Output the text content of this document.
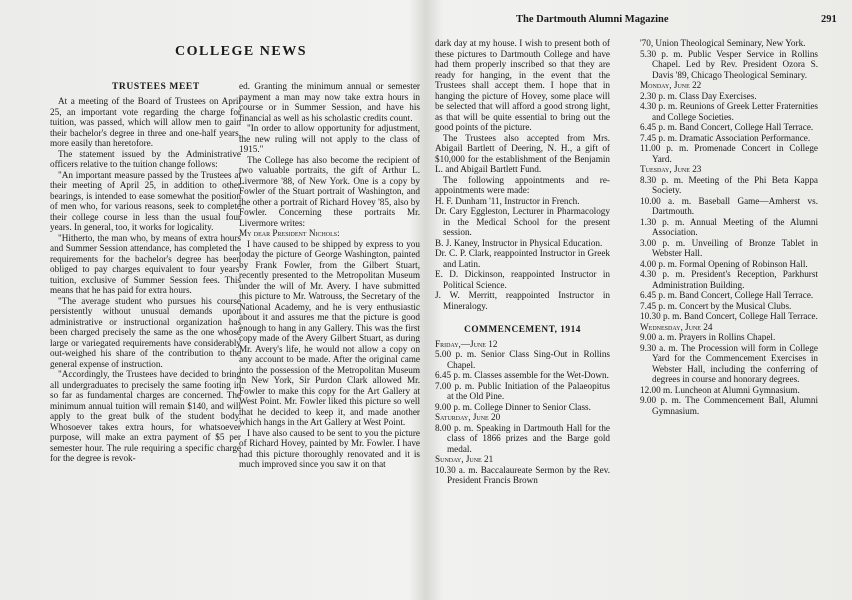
The Dartmouth Alumni Magazine	291
COLLEGE NEWS
TRUSTEES MEET

At a meeting of the Board of Trustees on April 25, an important vote regarding the charge for tuition, was passed, which will allow men to gain their bachelor's degree in three and one-half years, more easily than heretofore.

The statement issued by the Administrative officers relative to the tuition change follows:

"An important measure passed by the Trustees at their meeting of April 25, in addition to other bearings, is intended to ease somewhat the position of men who, for various reasons, seek to complete their college course in less than the usual four years. In general, too, it works for logicality.

"Hitherto, the man who, by means of extra hours and Summer Session attendance, has completed the requirements for the bachelor's degree has been obliged to pay charges equivalent to four years' tuition, exclusive of Summer Session fees. This means that he has paid for extra hours.

"The average student who pursues his course persistently without unusual demands upon administrative or instructional organization has been charged precisely the same as the one whose large or variegated requirements have considerably out-weighed his share of the contribution to the general expense of instruction.

"Accordingly, the Trustees have decided to bring all undergraduates to precisely the same footing in so far as fundamental charges are concerned. The minimum annual tuition will remain $140, and will apply to the great bulk of the student body. Whosoever takes extra hours, for whatsoever purpose, will make an extra payment of $5 per semester hour. The rule requiring a specific charge for the degree is revok-

ed. Granting the minimum annual or semester payment a man may now take extra hours in course or in Summer Session, and have his financial as well as his scholastic credits count.

"In order to allow opportunity for adjustment, the new ruling will not apply to the class of 1915."

The College has also become the recipient of two valuable portraits, the gift of Arthur L. Livermore '88, of New York. One is a copy by Fowler of the Stuart portrait of Washington, and the other a portrait of Richard Hovey '85, also by Fowler. Concerning these portraits Mr. Livermore writes:

My dear President Nichols:

I have caused to be shipped by express to you today the picture of George Washington, painted by Frank Fowler, from the Gilbert Stuart, recently presented to the Metropolitan Museum under the will of Mr. Avery. I have submitted this picture to Mr. Watrouss, the Secretary of the National Academy, and he is very enthusiastic about it and assures me that the picture is good enough to hang in any Gallery. This was the first copy made of the Avery Gilbert Stuart, as during Mr. Avery's life, he would not allow a copy on any account to be made. After the original came into the possession of the Metropolitan Museum in New York, Sir Purdon Clark allowed Mr. Fowler to make this copy for the Art Gallery at West Point. Mr. Fowler liked this picture so well that he decided to keep it, and made another which hangs in the Art Gallery at West Point.

I have also caused to be sent to you the picture of Richard Hovey, painted by Mr. Fowler. I have had this picture thoroughly renovated and it is much improved since you saw it on that

dark day at my house. I wish to present both of these pictures to Dartmouth College and have had them properly inscribed so that they are ready for hanging, in the event that the Trustees shall accept them. I hope that in hanging the picture of Hovey, some place will be selected that will afford a good strong light, as that will be quite essential to bring out the good points of the picture.

The Trustees also accepted from Mrs. Abigail Bartlett of Deering, N. H., a gift of $10,000 for the establishment of the Benjamin L. and Abigail Bartlett Fund.

The following appointments and re-appointments were made:

H. F. Dunham '11, Instructor in French.

Dr. Cary Eggleston, Lecturer in Pharmacology in the Medical School for the present session.

B. J. Kaney, Instructor in Physical Education.

Dr. C. P. Clark, reappointed Instructor in Greek and Latin.

E. D. Dickinson, reappointed Instructor in Political Science.

J. W. Merritt, reappointed Instructor in Mineralogy.

COMMENCEMENT, 1914

Friday,—June 12

5.00 p. m. Senior Class Sing-Out in Rollins Chapel.

6.45 p. m. Classes assemble for the Wet-Down.

7.00 p. m. Public Initiation of the Palaeopitus at the Old Pine.

9.00 p. m. College Dinner to Senior Class.

Saturday, June 20

8.00 p. m. Speaking in Dartmouth Hall for the class of 1866 prizes and the Barge gold medal.

Sunday, June 21

10.30 a. m. Baccalaureate Sermon by the Rev. President Francis Brown

'70, Union Theological Seminary, New York.

5.30 p. m. Public Vesper Service in Rollins Chapel. Led by Rev. President Ozora S. Davis '89, Chicago Theological Seminary.

Monday, June 22

2.30 p. m. Class Day Exercises.

4.30 p. m. Reunions of Greek Letter Fraternities and College Societies.

6.45 p. m. Band Concert, College Hall Terrace.

7.45 p. m. Dramatic Association Performance.

11.00 p. m. Promenade Concert in College Yard.

Tuesday, June 23

8.30 p. m. Meeting of the Phi Beta Kappa Society.

10.00 a. m. Baseball Game—Amherst vs. Dartmouth.

1.30 p. m. Annual Meeting of the Alumni Association.

3.00 p. m. Unveiling of Bronze Tablet in Webster Hall.

4.00 p. m. Formal Opening of Robinson Hall.

4.30 p. m. President's Reception, Parkhurst Administration Building.

6.45 p. m. Band Concert, College Hall Terrace.

7.45 p. m. Concert by the Musical Clubs.

10.30 p. m. Band Concert, College Hall Terrace.

Wednesday, June 24

9.00 a. m. Prayers in Rollins Chapel.

9.30 a. m. The Procession will form in College Yard for the Commencement Exercises in Webster Hall, including the conferring of degrees in course and honorary degrees.

12.00 m. Luncheon at Alumni Gymnasium.

9.00 p. m. The Commencement Ball, Alumni Gymnasium.
